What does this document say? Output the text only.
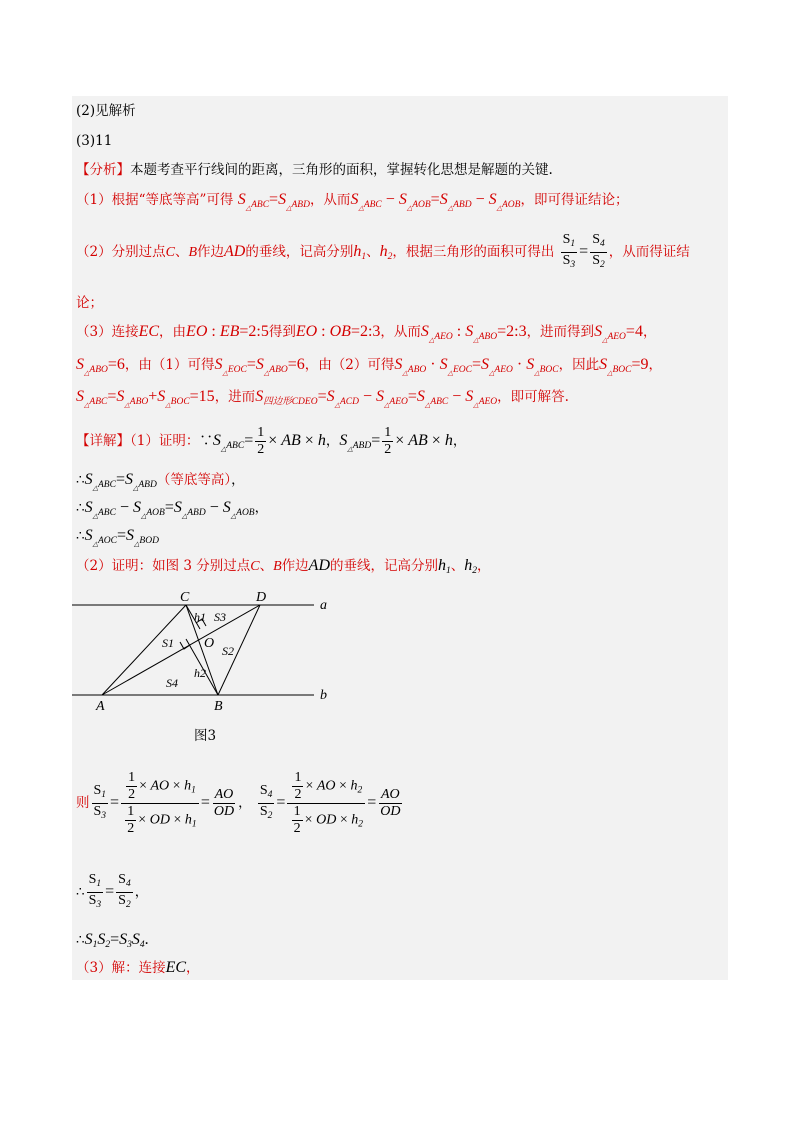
(2)见解析
(3)11
【分析】本题考查平行线间的距离，三角形的面积，掌握转化思想是解题的关键.
（1）根据“等底等高”可得 $S_{_\triangle ABC}=S_{_\triangle ABD}$，从而$S_{_\triangle ABC} - S_{_\triangle AOB}=S_{_\triangle ABD} - S_{_\triangle AOB}$，即可得证结论；
（2）分别过点C、B作边AD的垂线，记高分别$h_1$、$h_2$，根据三角形的面积可得出 $\frac{S_1}{S_3} = \frac{S_4}{S_2}$ ，从而得证结
论；
（3）连接EC，由EO : EB=2:5得到EO : OB=2:3，从而$S_{_\triangle AEO}$ : $S_{_\triangle ABO}=2:3$，进而得到$S_{_\triangle AEO}=4$，
$S_{_\triangle ABO}=6$，由（1）可得$S_{_\triangle EOC}=S_{_\triangle ABO}=6$，由（2）可得$S_{_\triangle ABO} \cdot S_{_\triangle EOC}=S_{_\triangle AEO} \cdot S_{_\triangle BOC}$，因此$S_{_\triangle BOC}=9$，
$S_{_\triangle ABC}=S_{_\triangle ABO}+S_{_\triangle BOC}=15$，进而$S_{四边形CDEO}=S_{_\triangle ACD} - S_{_\triangle AEO}=S_{_\triangle ABC} - S_{_\triangle AEO}$，即可解答.
【详解】（1）证明：$\because S_{_\triangle ABC}= \frac{1}{2}$ × AB × h，$S_{_\triangle ABD}= \frac{1}{2}$ × AB × h，
$\therefore S_{_\triangle ABC}=S_{_\triangle ABD}$（等底等高），
$\therefore S_{_\triangle ABC} - S_{_\triangle AOB}=S_{_\triangle ABD} - S_{_\triangle AOB}$，
$\therefore S_{_\triangle AOC}=S_{_\triangle BOD}$
（2）证明：如图 3 分别过点C、B作边AD的垂线，记高分别$h_1$、$h_2$，
C	D
A	B
O
a
b
S1
S2
S3
S4
h1
h2
图3
则 $\frac{S_1}{S_3} = \frac{\frac{1}{2} \times AO \times h_1}{\frac{1}{2} \times OD \times h_1} = \frac{AO}{OD}$ ， $\frac{S_4}{S_2} = \frac{\frac{1}{2} \times AO \times h_2}{\frac{1}{2} \times OD \times h_2} = \frac{AO}{OD}$
∴ $\frac{S_1}{S_3} = \frac{S_4}{S_2}$ ，
$\therefore S_1S_2=S_3S_4$.
（3）解：连接EC，
